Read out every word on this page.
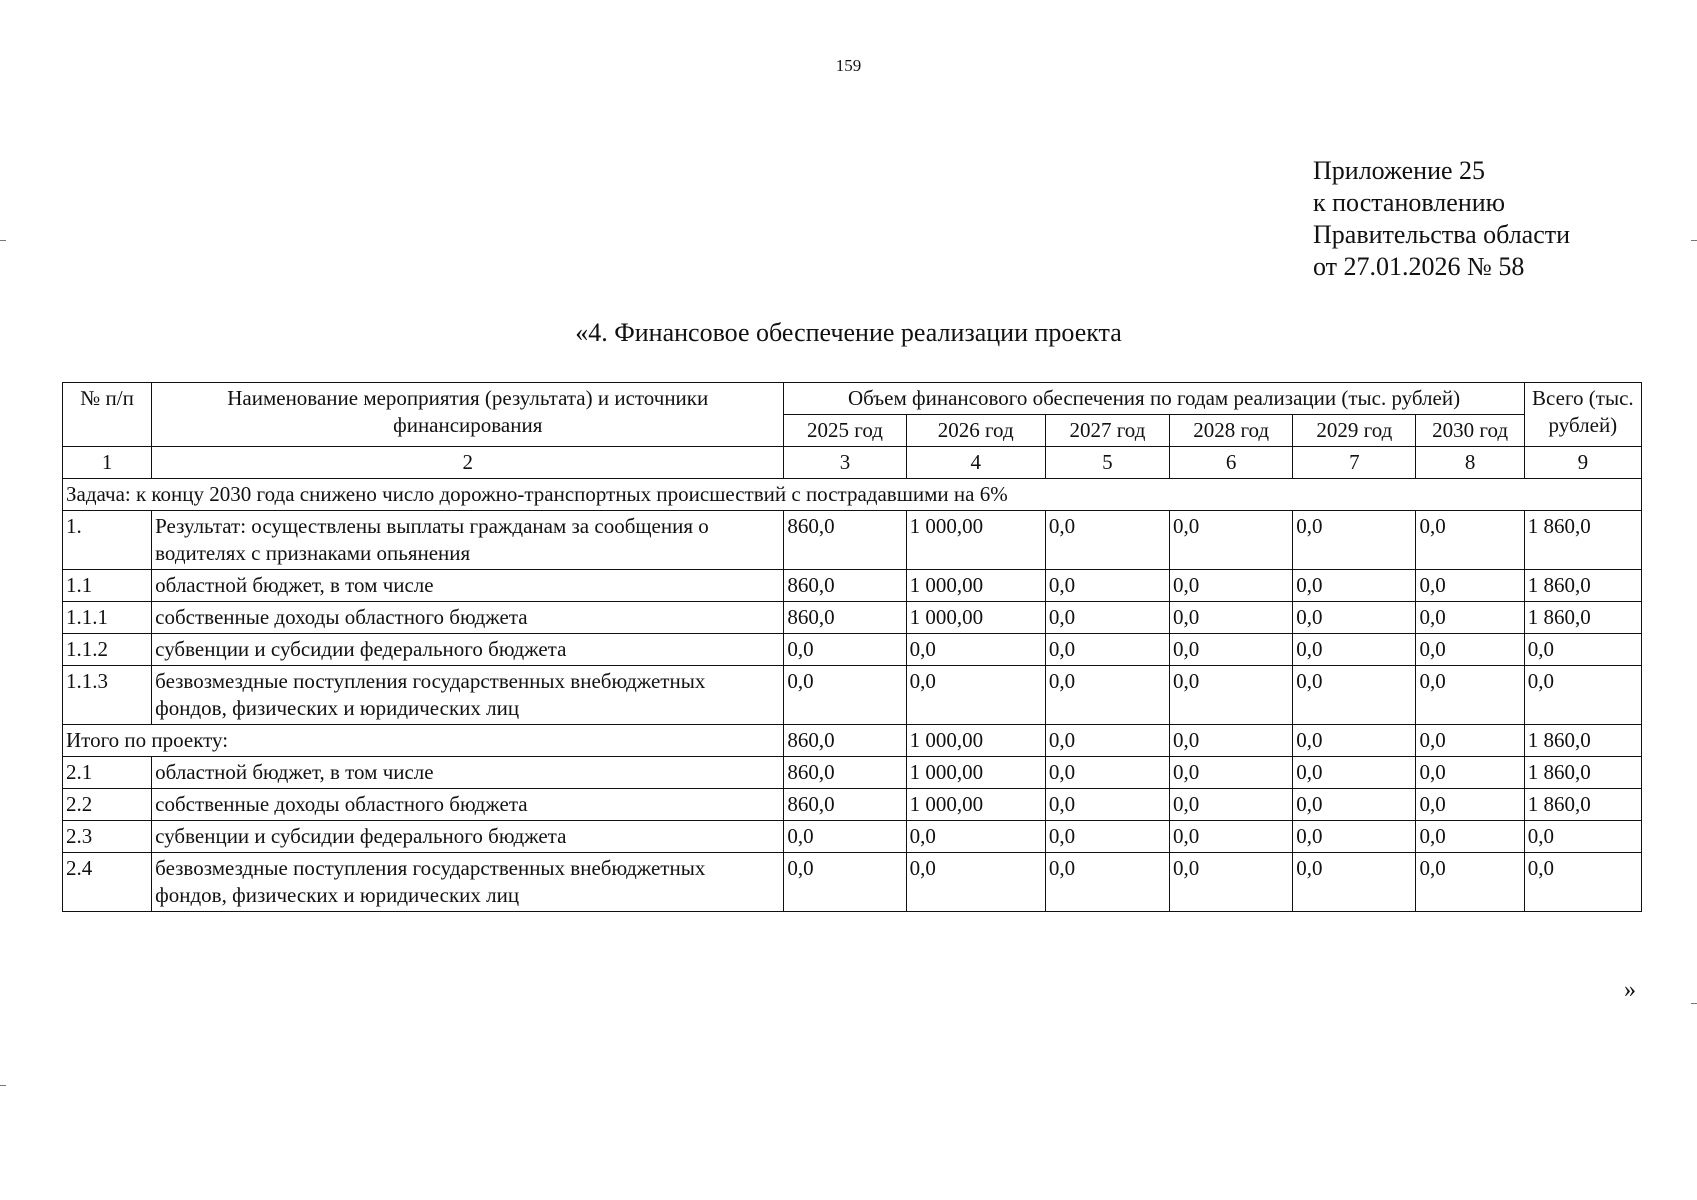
159
Приложение 25
к постановлению
Правительства области
от 27.01.2026 № 58
«4. Финансовое обеспечение реализации проекта
№ п/п	Наименование мероприятия (результата) и источники финансирования	Объем финансового обеспечения по годам реализации (тыс. рублей)						Всего (тыс. рублей)
		2025 год	2026 год	2027 год	2028 год	2029 год	2030 год	
1	2	3	4	5	6	7	8	9
Задача: к концу 2030 года снижено число дорожно-транспортных происшествий с пострадавшими на 6%								
1.	Результат: осуществлены выплаты гражданам за сообщения о водителях с признаками опьянения	860,0	1 000,00	0,0	0,0	0,0	0,0	1 860,0
1.1	областной бюджет, в том числе	860,0	1 000,00	0,0	0,0	0,0	0,0	1 860,0
1.1.1	собственные доходы областного бюджета	860,0	1 000,00	0,0	0,0	0,0	0,0	1 860,0
1.1.2	субвенции и субсидии федерального бюджета	0,0	0,0	0,0	0,0	0,0	0,0	0,0
1.1.3	безвозмездные поступления государственных внебюджетных фондов, физических и юридических лиц	0,0	0,0	0,0	0,0	0,0	0,0	0,0
Итого по проекту:		860,0	1 000,00	0,0	0,0	0,0	0,0	1 860,0
2.1	областной бюджет, в том числе	860,0	1 000,00	0,0	0,0	0,0	0,0	1 860,0
2.2	собственные доходы областного бюджета	860,0	1 000,00	0,0	0,0	0,0	0,0	1 860,0
2.3	субвенции и субсидии федерального бюджета	0,0	0,0	0,0	0,0	0,0	0,0	0,0
2.4	безвозмездные поступления государственных внебюджетных фондов, физических и юридических лиц	0,0	0,0	0,0	0,0	0,0	0,0	0,0
»
